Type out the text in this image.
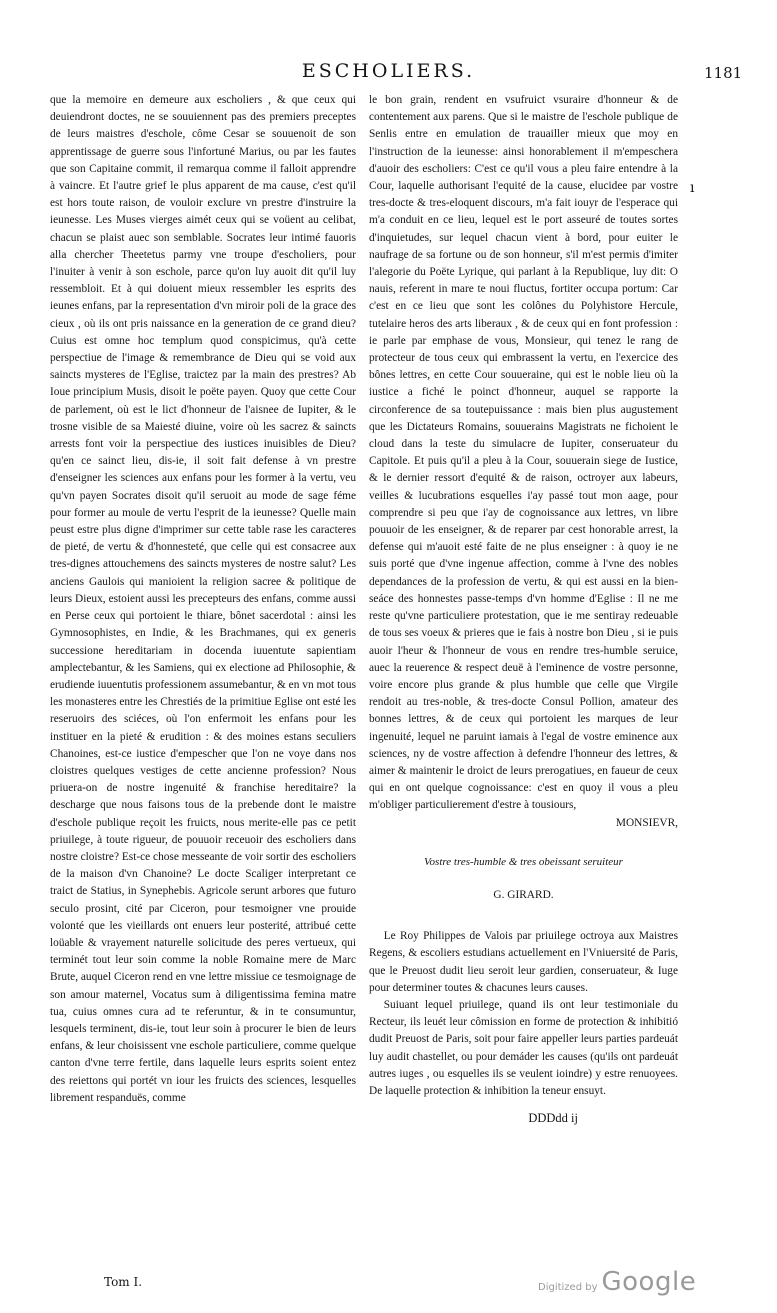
ESCHOLIERS.	1181

que la memoire en demeure aux escholiers , & que ceux qui deuiendront doctes, ne se souuiennent pas des premiers preceptes de leurs maistres d'eschole, côme Cesar se souuenoit de son apprentissage de guerre sous l'infortuné Marius, ou par les fautes que son Capitaine commit, il remarqua comme il falloit apprendre à vaincre. Et l'autre grief le plus apparent de ma cause, c'est qu'il est hors toute raison, de vouloir exclure vn prestre d'instruire la ieunesse. Les Muses vierges aimét ceux qui se voüent au celibat, chacun se plaist auec son semblable. Socrates leur intimé fauoris alla chercher Theetetus parmy vne troupe d'escholiers, pour l'inuiter à venir à son eschole, parce qu'on luy auoit dit qu'il luy ressembloit. Et à qui doiuent mieux ressembler les esprits des ieunes enfans, par la representation d'vn miroir poli de la grace des cieux , où ils ont pris naissance en la generation de ce grand dieu? Cuius est omne hoc templum quod conspicimus, qu'à cette perspectiue de l'image & remembrance de Dieu qui se void aux saincts mysteres de l'Eglise, traictez par la main des prestres? Ab Ioue principium Musis, disoit le poëte payen. Quoy que cette Cour de parlement, où est le lict d'honneur de l'aisnee de Iupiter, & le trosne visible de sa Maiesté diuine, voire où les sacrez & saincts arrests font voir la perspectiue des iustices inuisibles de Dieu? qu'en ce sainct lieu, dis-ie, il soit fait defense à vn prestre d'enseigner les sciences aux enfans pour les former à la vertu, veu qu'vn payen Socrates disoit qu'il seruoit au mode de sage féme pour former au moule de vertu l'esprit de la ieunesse? Quelle main peust estre plus digne d'imprimer sur cette table rase les caracteres de pieté, de vertu & d'honnesteté, que celle qui est consacree aux tres-dignes attouchemens des saincts mysteres de nostre salut? Les anciens Gaulois qui manioient la religion sacree & politique de leurs Dieux, estoient aussi les precepteurs des enfans, comme aussi en Perse ceux qui portoient le thiare, bônet sacerdotal : ainsi les Gymnosophistes, en Indie, & les Brachmanes, qui ex generis successione hereditariam in docenda iuuentute sapientiam amplectebantur, & les Samiens, qui ex electione ad Philosophie, & erudiende iuuentutis professionem assumebantur, & en vn mot tous les monasteres entre les Chrestiés de la primitiue Eglise ont esté les reseruoirs des sciéces, où l'on enfermoit les enfans pour les instituer en la pieté & erudition : & des moines estans seculiers Chanoines, est-ce iustice d'empescher que l'on ne voye dans nos cloistres quelques vestiges de cette ancienne profession? Nous priuera-on de nostre ingenuité & franchise hereditaire? la descharge que nous faisons tous de la prebende dont le maistre d'eschole publique reçoit les fruicts, nous merite-elle pas ce petit priuilege, à toute rigueur, de pouuoir receuoir des escholiers dans nostre cloistre? Est-ce chose messeante de voir sortir des escholiers de la maison d'vn Chanoine? Le docte Scaliger interpretant ce traict de Statius, in Synephebis. Agricole serunt arbores que futuro seculo prosint, cité par Ciceron, pour tesmoigner vne prouide volonté que les vieillards ont enuers leur posterité, attribué cette loüable & vrayement naturelle solicitude des peres vertueux, qui terminét tout leur soin comme la noble Romaine mere de Marc Brute, auquel Ciceron rend en vne lettre missiue ce tesmoignage de son amour maternel, Vocatus sum à diligentissima femina matre tua, cuius omnes cura ad te referuntur, & in te consumuntur, lesquels terminent, dis-ie, tout leur soin à procurer le bien de leurs enfans, & leur choisissent vne eschole particuliere, comme quelque canton d'vne terre fertile, dans laquelle leurs esprits soient entez des reiettons qui portét vn iour les fruicts des sciences, lesquelles librement respanduës, comme

le bon grain, rendent en vsufruict vsuraire d'honneur & de contentement aux parens. Que si le maistre de l'eschole publique de Senlis entre en emulation de trauailler mieux que moy en l'instruction de la ieunesse: ainsi honorablement il m'empeschera d'auoir des escholiers: C'est ce qu'il vous a pleu faire entendre à la Cour, laquelle authorisant l'equité de la cause, elucidee par vostre tres-docte & tres-eloquent discours, m'a fait iouyr de l'esperace qui m'a conduit en ce lieu, lequel est le port asseuré de toutes sortes d'inquietudes, sur lequel chacun vient à bord, pour euiter le naufrage de sa fortune ou de son honneur, s'il m'est permis d'imiter l'alegorie du Poëte Lyrique, qui parlant à la Republique, luy dit: O nauis, referent in mare te noui fluctus, fortiter occupa portum: Car c'est en ce lieu que sont les colônes du Polyhistore Hercule, tutelaire heros des arts liberaux , & de ceux qui en font profession : ie parle par emphase de vous, Monsieur, qui tenez le rang de protecteur de tous ceux qui embrassent la vertu, en l'exercice des bônes lettres, en cette Cour souueraine, qui est le noble lieu où la iustice a fiché le poinct d'honneur, auquel se rapporte la circonference de sa toutepuissance : mais bien plus augustement que les Dictateurs Romains, souuerains Magistrats ne fichoient le cloud dans la teste du simulacre de Iupiter, conseruateur du Capitole. Et puis qu'il a pleu à la Cour, souuerain siege de Iustice, & le dernier ressort d'equité & de raison, octroyer aux labeurs, veilles & lucubrations esquelles i'ay passé tout mon aage, pour comprendre si peu que i'ay de cognoissance aux lettres, vn libre pouuoir de les enseigner, & de reparer par cest honorable arrest, la defense qui m'auoit esté faite de ne plus enseigner : à quoy ie ne suis porté que d'vne ingenue affection, comme à l'vne des nobles dependances de la profession de vertu, & qui est aussi en la bien-seáce des honnestes passe-temps d'vn homme d'Eglise : Il ne me reste qu'vne particuliere protestation, que ie me sentiray redeuable de tous ses voeux & prieres que ie fais à nostre bon Dieu , si ie puis auoir l'heur & l'honneur de vous en rendre tres-humble seruice, auec la reuerence & respect deuë à l'eminence de vostre personne, voire encore plus grande & plus humble que celle que Virgile rendoit au tres-noble, & tres-docte Consul Pollion, amateur des bonnes lettres, & de ceux qui portoient les marques de leur ingenuité, lequel ne paruint iamais à l'egal de vostre eminence aux sciences, ny de vostre affection à defendre l'honneur des lettres, & aimer & maintenir le droict de leurs prerogatiues, en faueur de ceux qui en ont quelque cognoissance: c'est en quoy il vous a pleu m'obliger particulierement d'estre à tousiours,

MONSIEVR,

Vostre tres-humble & tres obeissant seruiteur

G. GIRARD.

Le Roy Philippes de Valois par priuilege octroya aux Maistres Regens, & escoliers estudians actuellement en l'Vniuersité de Paris, que le Preuost dudit lieu seroit leur gardien, conseruateur, & Iuge pour determiner toutes & chacunes leurs causes.

Suiuant lequel priuilege, quand ils ont leur testimoniale du Recteur, ils leuét leur cômission en forme de protection & inhibitió dudit Preuost de Paris, soit pour faire appeller leurs parties pardeuát luy audit chastellet, ou pour demáder les causes (qu'ils ont pardeuát autres iuges , ou esquelles ils se veulent ioindre) y estre renuoyees. De laquelle protection & inhibition la teneur ensuyt.

DDDdd ij

ı
Tom I.	Digitized by Google
